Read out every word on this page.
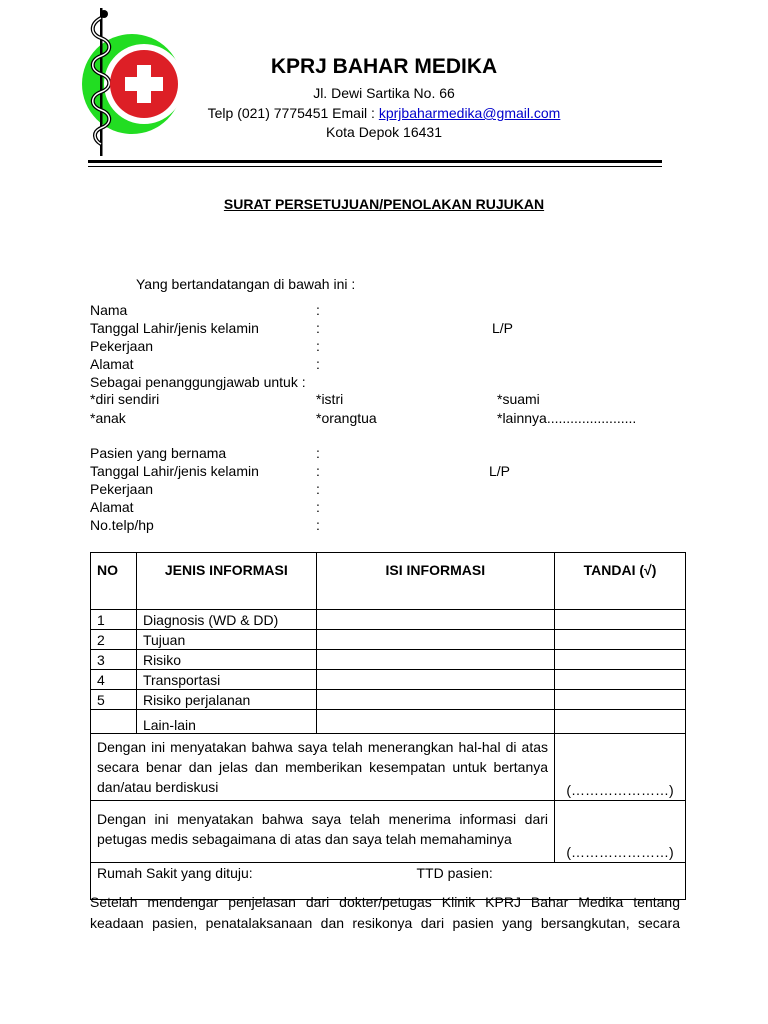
KPRJ BAHAR MEDIKA
Jl. Dewi Sartika No. 66
Telp (021) 7775451 Email : kprjbaharmedika@gmail.com
Kota Depok 16431
SURAT PERSETUJUAN/PENOLAKAN RUJUKAN
Yang bertandatangan di bawah ini :
Nama	:
Tanggal Lahir/jenis kelamin	:	L/P
Pekerjaan	:
Alamat	:
Sebagai penanggungjawab untuk :
*diri sendiri	*istri	*suami
*anak	*orangtua	*lainnya.......................
Pasien yang bernama	:
Tanggal Lahir/jenis kelamin	:	L/P
Pekerjaan	:
Alamat	:
No.telp/hp	:
NO	JENIS INFORMASI	ISI INFORMASI	TANDAI (√)
1	Diagnosis (WD & DD)		
2	Tujuan		
3	Risiko		
4	Transportasi		
5	Risiko perjalanan		
	Lain-lain		
Dengan ini menyatakan bahwa saya telah menerangkan hal-hal di atas secara benar dan jelas dan memberikan kesempatan untuk bertanya dan/atau berdiskusi			(…………………)
Dengan ini menyatakan bahwa saya telah menerima informasi dari petugas medis sebagaimana di atas dan saya telah memahaminya			(…………………)
Rumah Sakit yang dituju: TTD pasien:			
Setelah mendengar penjelasan dari dokter/petugas Klinik KPRJ Bahar Medika tentang keadaan pasien, penatalaksanaan dan resikonya dari pasien yang bersangkutan, secara
